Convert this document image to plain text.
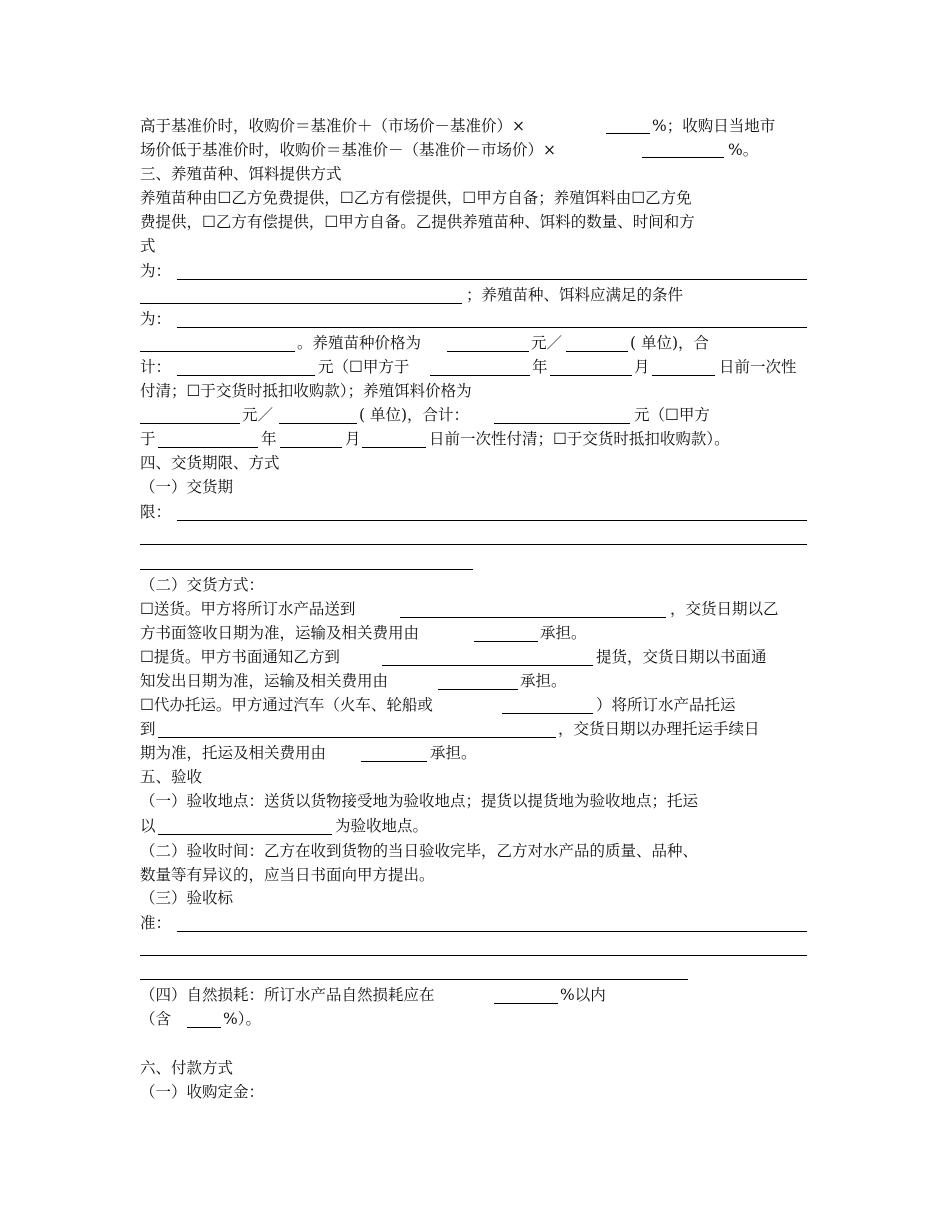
高于基准价时，收购价＝基准价＋（市场价－基准价）×	%；收购日当地市
场价低于基准价时，收购价＝基准价－（基准价－市场价）×	%。
三、养殖苗种、饵料提供方式
养殖苗种由☐乙方免费提供，☐乙方有偿提供，☐甲方自备；养殖饵料由☐乙方免
费提供，☐乙方有偿提供，☐甲方自备。乙提供养殖苗种、饵料的数量、时间和方
式
为：
；养殖苗种、饵料应满足的条件
为：
。养殖苗种价格为	元／	( 单位)，合
计：	元（☐甲方于	年	月	日前一次性
付清；☐于交货时抵扣收购款）；养殖饵料价格为
元／	( 单位)，合计：	元（☐甲方
于	年	月	日前一次性付清；☐于交货时抵扣收购款）。
四、交货期限、方式
（一）交货期
限：
（二）交货方式：
☐送货。甲方将所订水产品送到	，交货日期以乙
方书面签收日期为准，运输及相关费用由	承担。
☐提货。甲方书面通知乙方到	提货，交货日期以书面通
知发出日期为准，运输及相关费用由	承担。
☐代办托运。甲方通过汽车（火车、轮船或	）将所订水产品托运
到	，交货日期以办理托运手续日
期为准，托运及相关费用由	承担。
五、验收
（一）验收地点：送货以货物接受地为验收地点；提货以提货地为验收地点；托运
以	为验收地点。
（二）验收时间：乙方在收到货物的当日验收完毕，乙方对水产品的质量、品种、
数量等有异议的，应当日书面向甲方提出。
（三）验收标
准：
（四）自然损耗：所订水产品自然损耗应在	%以内
（含	%）。
六、付款方式
（一）收购定金：
